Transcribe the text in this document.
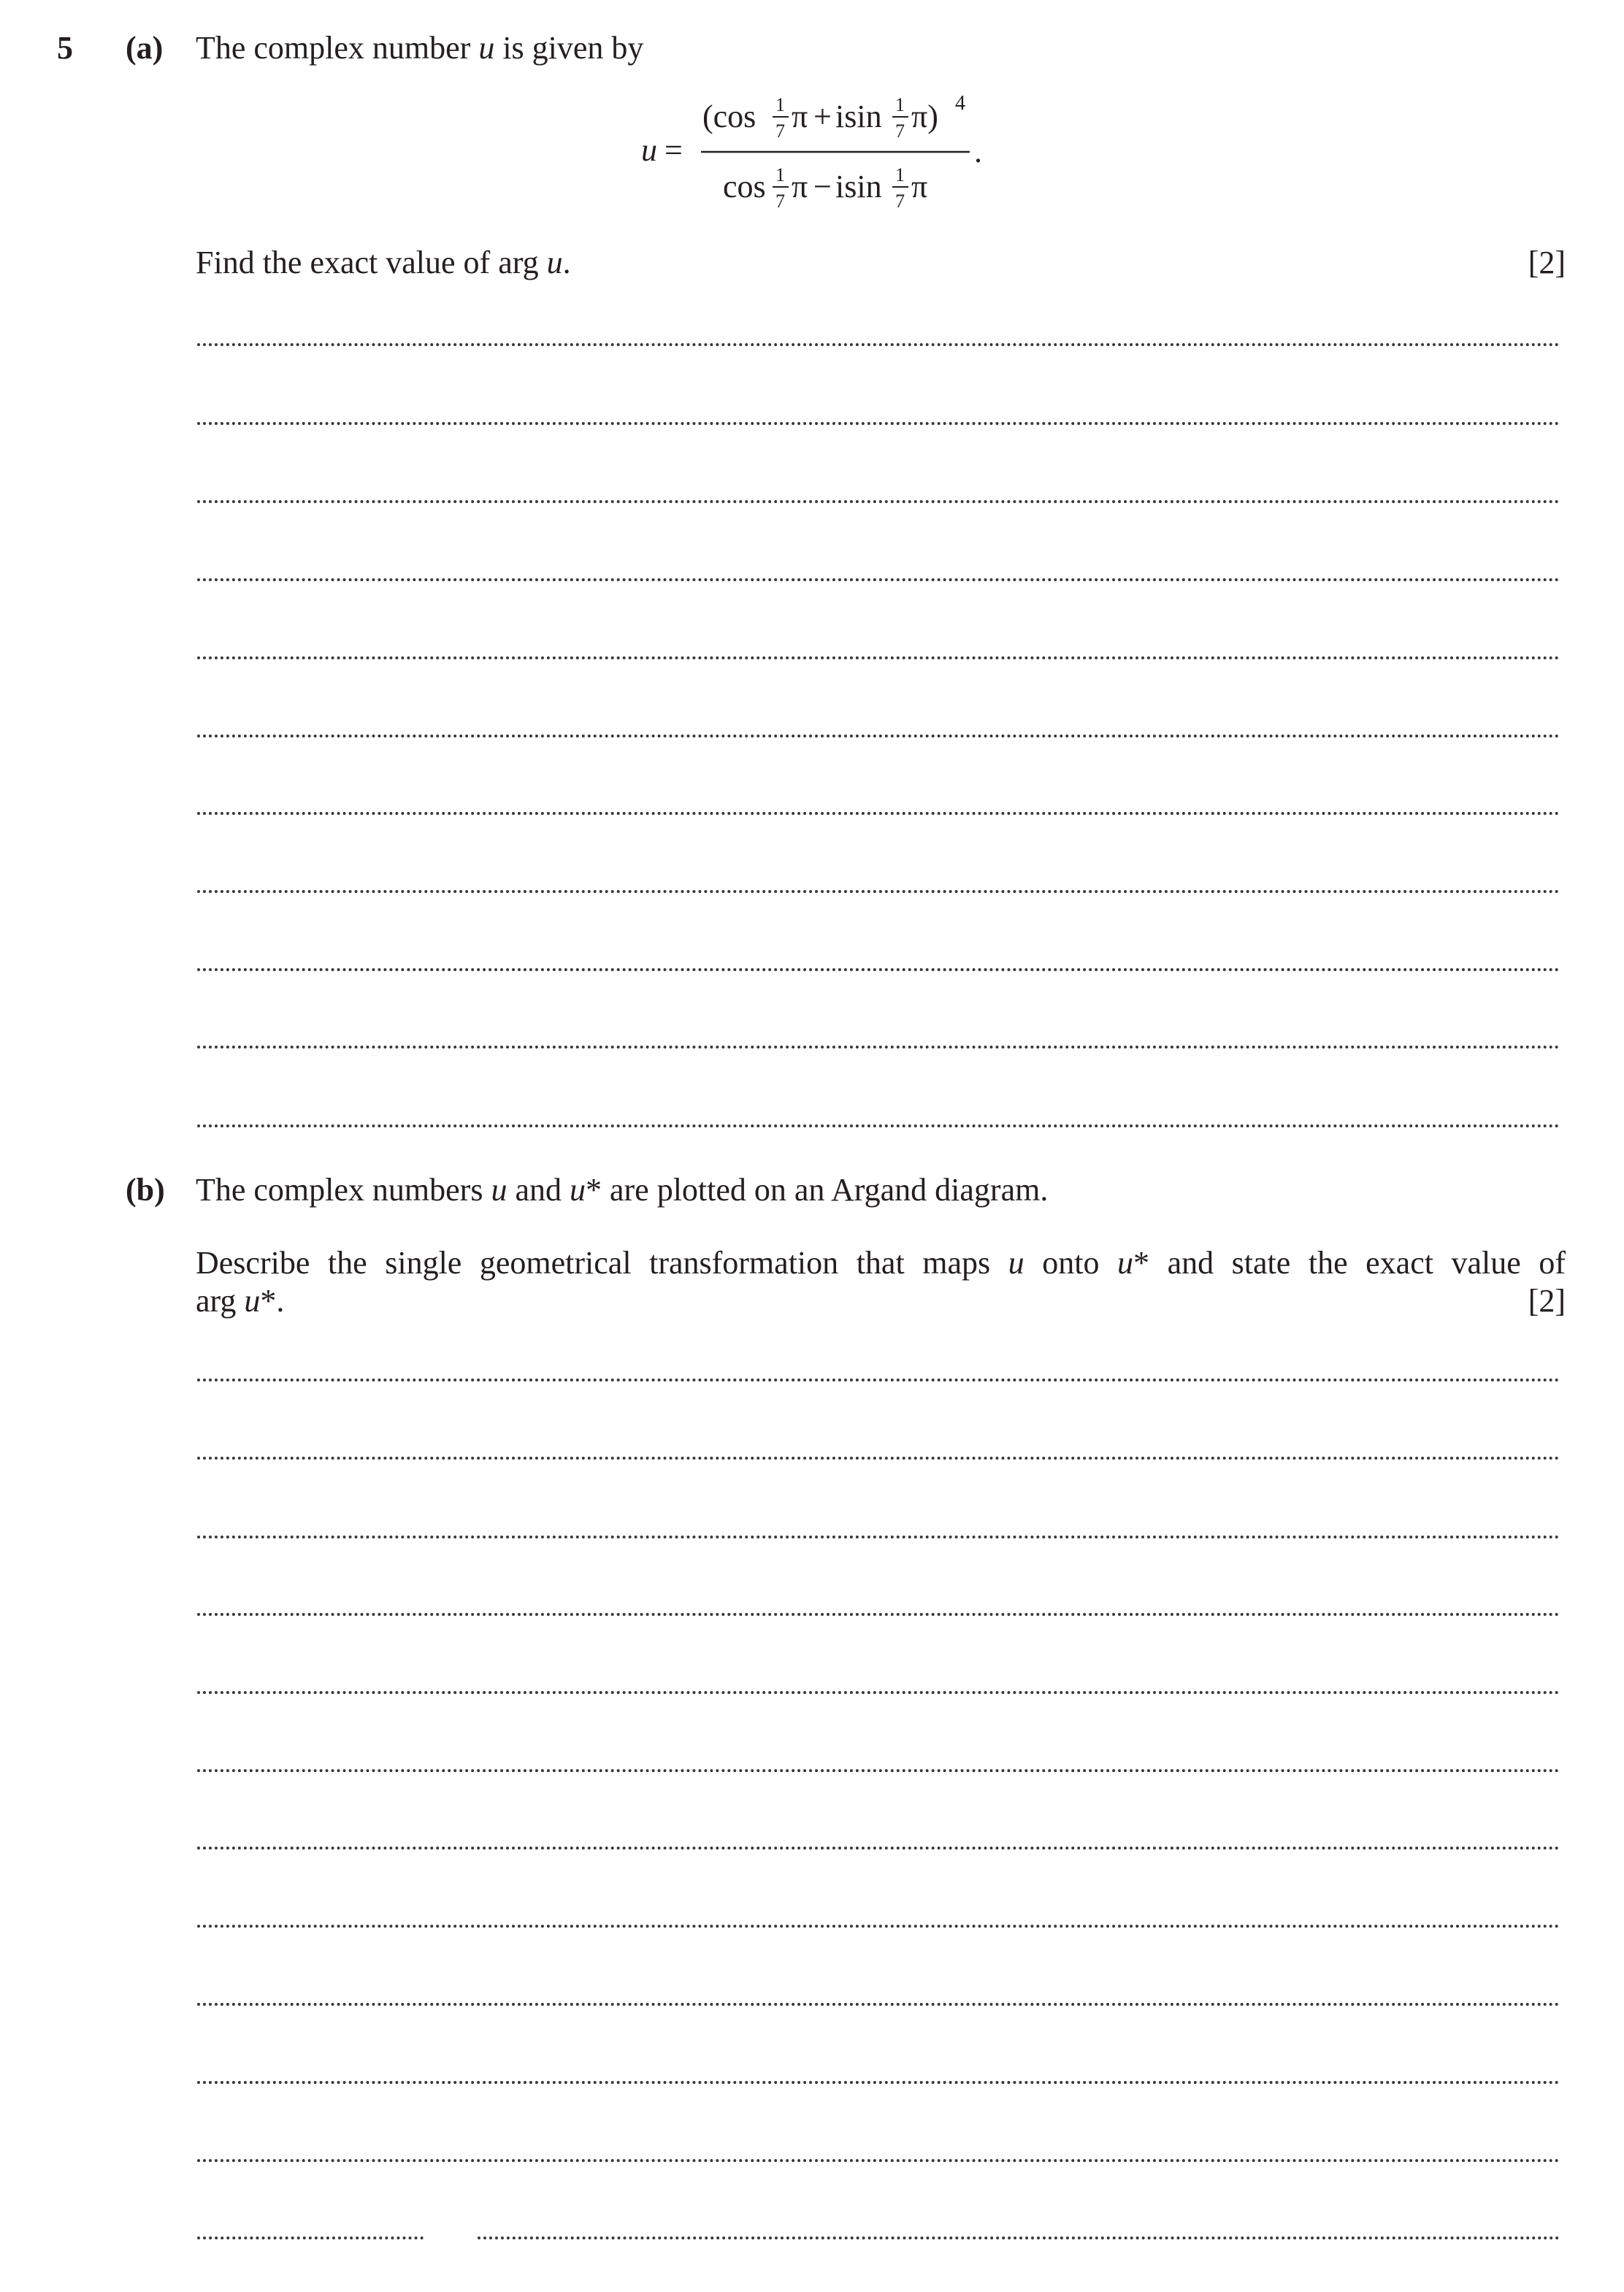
5 (a) The complex number u is given by
u =
(cos 1
7 π + isin 1
7 π) 4
.
cos 1
7 π − isin 1
7 π
Find the exact value of arg u.	[2]
(b) The complex numbers u and u* are plotted on an Argand diagram.
Describe the single geometrical transformation that maps u onto u* and state the exact value of
arg u*.	[2]
